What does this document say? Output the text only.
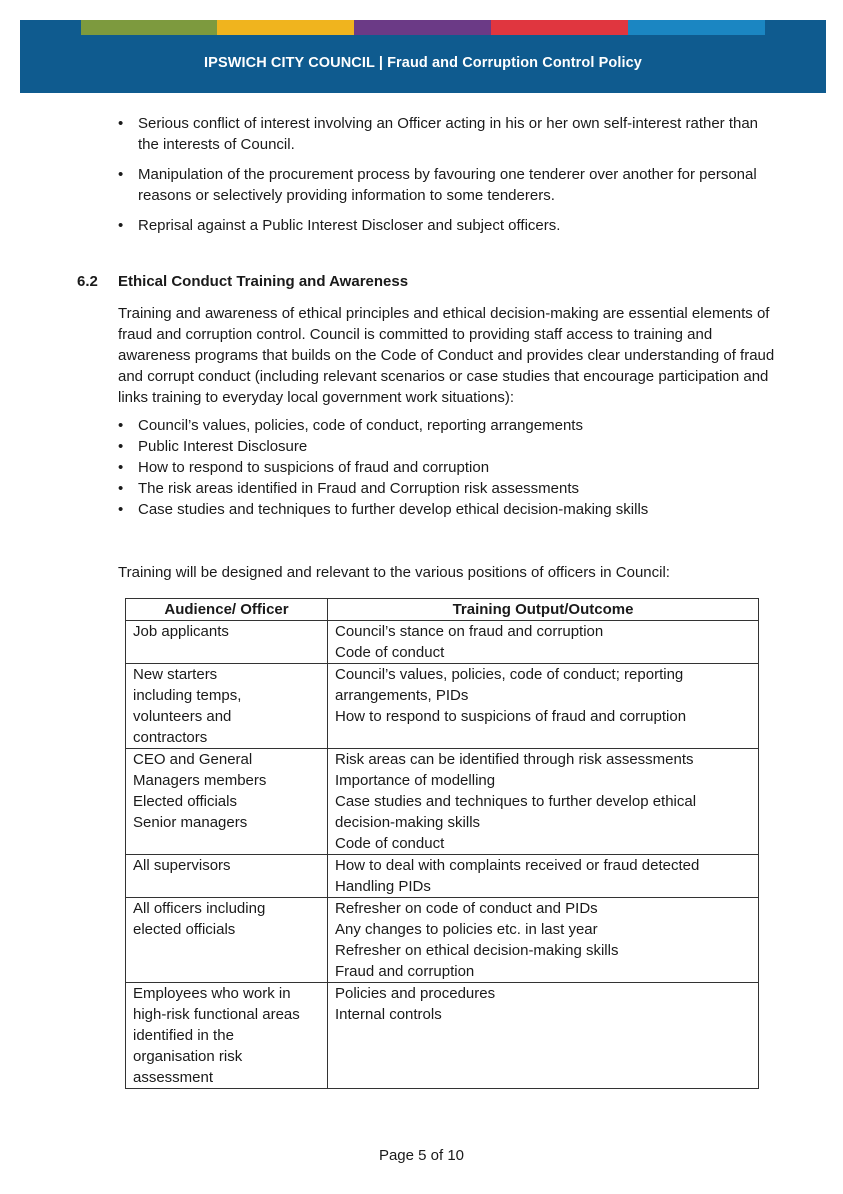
IPSWICH CITY COUNCIL | Fraud and Corruption Control Policy
• Serious conflict of interest involving an Officer acting in his or her own self-interest rather than the interests of Council.
• Manipulation of the procurement process by favouring one tenderer over another for personal reasons or selectively providing information to some tenderers.
• Reprisal against a Public Interest Discloser and subject officers.
6.2 Ethical Conduct Training and Awareness
Training and awareness of ethical principles and ethical decision-making are essential elements of fraud and corruption control. Council is committed to providing staff access to training and awareness programs that builds on the Code of Conduct and provides clear understanding of fraud and corrupt conduct (including relevant scenarios or case studies that encourage participation and links training to everyday local government work situations):
• Council’s values, policies, code of conduct, reporting arrangements
• Public Interest Disclosure
• How to respond to suspicions of fraud and corruption
• The risk areas identified in Fraud and Corruption risk assessments
• Case studies and techniques to further develop ethical decision-making skills
Training will be designed and relevant to the various positions of officers in Council:
Audience/ Officer	Training Output/Outcome

Job applicants	Council’s stance on fraud and corruption
Code of conduct

New starters
including temps,
volunteers and
contractors	Council’s values, policies, code of conduct; reporting
arrangements, PIDs
How to respond to suspicions of fraud and corruption

CEO and General
Managers members
Elected officials
Senior managers	Risk areas can be identified through risk assessments
Importance of modelling
Case studies and techniques to further develop ethical
decision-making skills
Code of conduct

All supervisors	How to deal with complaints received or fraud detected
Handling PIDs

All officers including
elected officials	Refresher on code of conduct and PIDs
Any changes to policies etc. in last year
Refresher on ethical decision-making skills
Fraud and corruption

Employees who work in
high-risk functional areas
identified in the
organisation risk
assessment	Policies and procedures
Internal controls
Page 5 of 10
